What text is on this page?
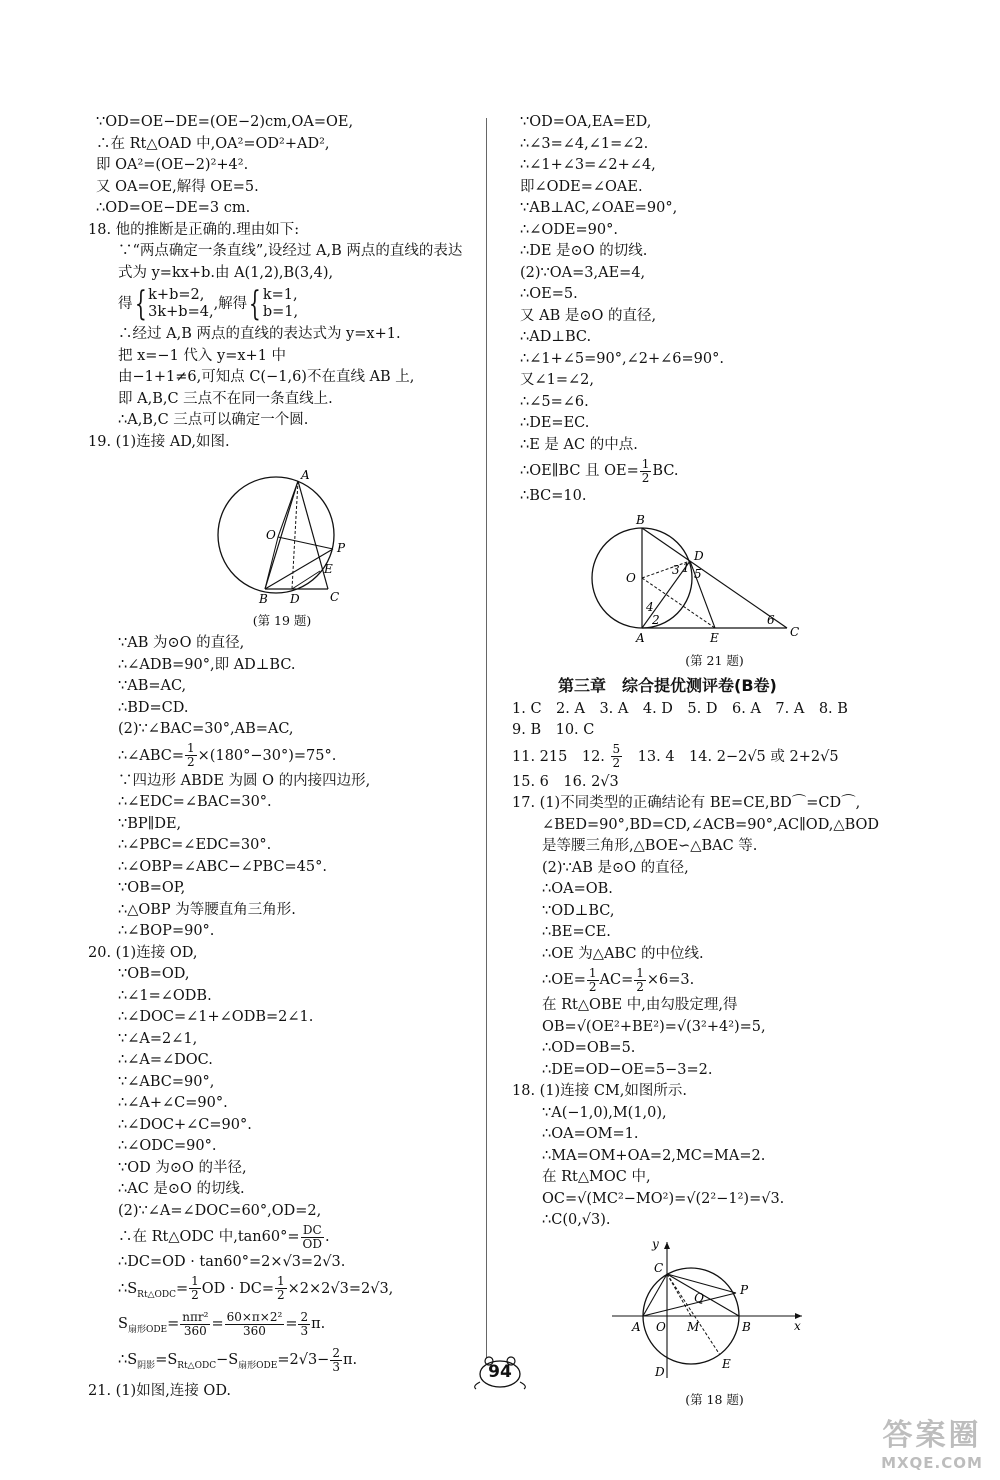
∵OD=OE−DE=(OE−2)cm,OA=OE,
∴在 Rt△OAD 中,OA²=OD²+AD²,
即 OA²=(OE−2)²+4².
又 OA=OE,解得 OE=5.
∴OD=OE−DE=3 cm.
18. 他的推断是正确的.理由如下:
∵“两点确定一条直线”,设经过 A,B 两点的直线的表达
式为 y=kx+b.由 A(1,2),B(3,4),
得{ k+b=2,
3k+b=4,,解得{ k=1,
b=1,
∴经过 A,B 两点的直线的表达式为 y=x+1.
把 x=−1 代入 y=x+1 中
由−1+1≠6,可知点 C(−1,6)不在直线 AB 上,
即 A,B,C 三点不在同一条直线上.
∴A,B,C 三点可以确定一个圆.
19. (1)连接 AD,如图.
A
O
P
E
B D	C
(第 19 题)
∵AB 为⊙O 的直径,
∴∠ADB=90°,即 AD⊥BC.
∵AB=AC,
∴BD=CD.
(2)∵∠BAC=30°,AB=AC,
∴∠ABC= $\frac{1}{2} \times(180^\circ-30^\circ)=75^\circ$.
∵四边形 ABDE 为圆 O 的内接四边形,
∴∠EDC=∠BAC=30°.
∵BP∥DE,
∴∠PBC=∠EDC=30°.
∴∠OBP=∠ABC−∠PBC=45°.
∵OB=OP,
∴△OBP 为等腰直角三角形.
∴∠BOP=90°.
20. (1)连接 OD,
∵OB=OD,
∴∠1=∠ODB.
∴∠DOC=∠1+∠ODB=2∠1.
∵∠A=2∠1,
∴∠A=∠DOC.
∵∠ABC=90°,
∴∠A+∠C=90°.
∴∠DOC+∠C=90°.
∴∠ODC=90°.
∵OD 为⊙O 的半径,
∴AC 是⊙O 的切线.
(2)∵∠A=∠DOC=60°,OD=2,
∴在 Rt△ODC 中$,\tan 60^\circ= \frac{DC}{OD}$ .
∴DC=OD · tan60°=2×√3=2√3.
$\therefore S_{Rt\triangle ODC}= \frac{1}{2}$ OD · $DC= \frac{1}{2} \times 2\times 2√3=2√3$,
$S_{扇形ODE}= \frac{\text{nπr²}}{360} = \frac{\text{60×π×2²}}{360} = \frac{2}{3} \pi$.
$\therefore S_{阴影}=S_{Rt\triangle ODC}-S_{扇形ODE}=2√3- \frac{2}{3} \pi$.
21. (1)如图,连接 OD.
∵OD=OA,EA=ED,
∴∠3=∠4,∠1=∠2.
∴∠1+∠3=∠2+∠4,
即∠ODE=∠OAE.
∵AB⊥AC,∠OAE=90°,
∴∠ODE=90°.
∴DE 是⊙O 的切线.
(2)∵OA=3,AE=4,
∴OE=5.
又 AB 是⊙O 的直径,
∴AD⊥BC.
∴∠1+∠5=90°,∠2+∠6=90°.
又∠1=∠2,
∴∠5=∠6.
∴DE=EC.
∴E 是 AC 的中点.
∴OE∥BC 且 $OE= \frac{1}{2}$ BC.
∴BC=10.
B
D
O
3 1 5
4
2	6
A	E	C
(第 21 题)
第三章　综合提优测评卷(B卷)
1. C　2. A　3. A　4. D　5. D　6. A　7. A　8. B
9. B　10. C
11. 215　12. $\frac{5}{2}$ 　13. 4　14. 2−2√5 或 2+2√5
15. 6　16. 2√3
17. (1)不同类型的正确结论有 BE=CE,BD⌒=CD⌒,
∠BED=90°,BD=CD,∠ACB=90°,AC∥OD,△BOD
是等腰三角形,△BOE∽△BAC 等.
(2)∵AB 是⊙O 的直径,
∴OA=OB.
∵OD⊥BC,
∴BE=CE.
∴OE 为△ABC 的中位线.
∴OE= $\frac{1}{2} AC= \frac{1}{2} \times 6=3$.
在 Rt△OBE 中,由勾股定理,得
OB=√(OE²+BE²)=√(3²+4²)=5,
∴OD=OB=5.
∴DE=OD−OE=5−3=2.
18. (1)连接 CM,如图所示.
∵A(−1,0),M(1,0),
∴OA=OM=1.
∴MA=OM+OA=2,MC=MA=2.
在 Rt△MOC 中,
OC=√(MC²−MO²)=√(2²−1²)=√3.
∴C(0,√3).
y
C
P
Q
A O M	B	x
D
E
(第 18 题)
94
答案圈
MXQE.COM
